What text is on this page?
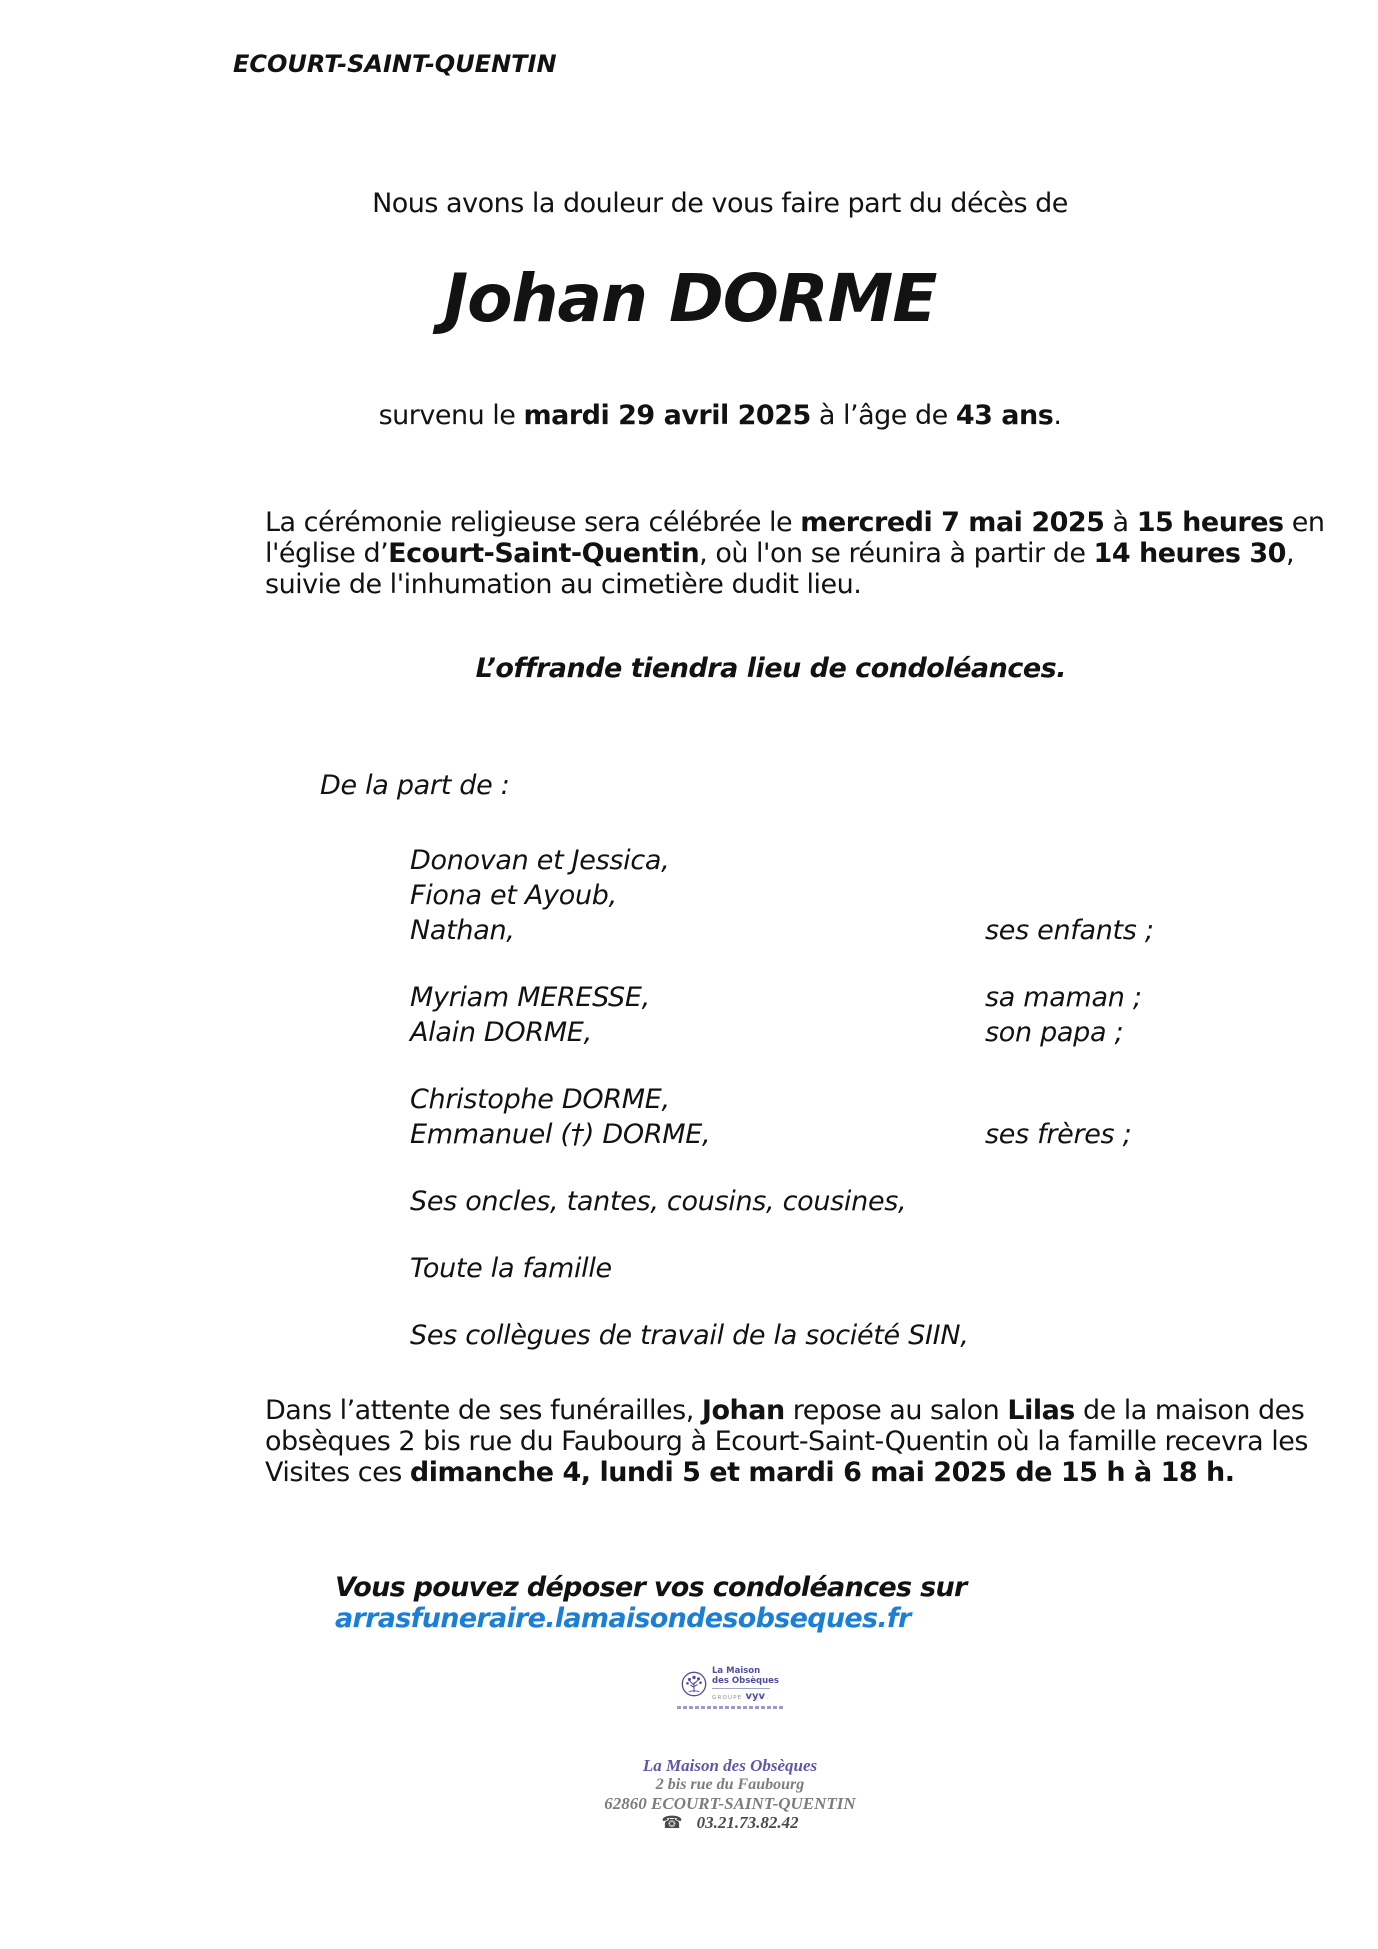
ECOURT-SAINT-QUENTIN
Nous avons la douleur de vous faire part du décès de
Johan DORME
survenu le mardi 29 avril 2025 à l’âge de 43 ans.
La cérémonie religieuse sera célébrée le mercredi 7 mai 2025 à 15 heures en
l'église d’Ecourt-Saint-Quentin, où l'on se réunira à partir de 14 heures 30,
suivie de l'inhumation au cimetière dudit lieu.
L’offrande tiendra lieu de condoléances.
De la part de :
Donovan et Jessica,
Fiona et Ayoub,
Nathan,	ses enfants ;
Myriam MERESSE,	sa maman ;
Alain DORME,	son papa ;
Christophe DORME,
Emmanuel (†) DORME,	ses frères ;
Ses oncles, tantes, cousins, cousines,
Toute la famille
Ses collègues de travail de la société SIIN,
Dans l’attente de ses funérailles, Johan repose au salon Lilas de la maison des
obsèques 2 bis rue du Faubourg à Ecourt-Saint-Quentin où la famille recevra les
Visites ces dimanche 4, lundi 5 et mardi 6 mai 2025 de 15 h à 18 h.
Vous pouvez déposer vos condoléances sur arrasfuneraire.lamaisondesobseques.fr
La Maison
des Obsèques
GROUPE vyv
La Maison des Obsèques
2 bis rue du Faubourg
62860 ECOURT-SAINT-QUENTIN
☎ 03.21.73.82.42
